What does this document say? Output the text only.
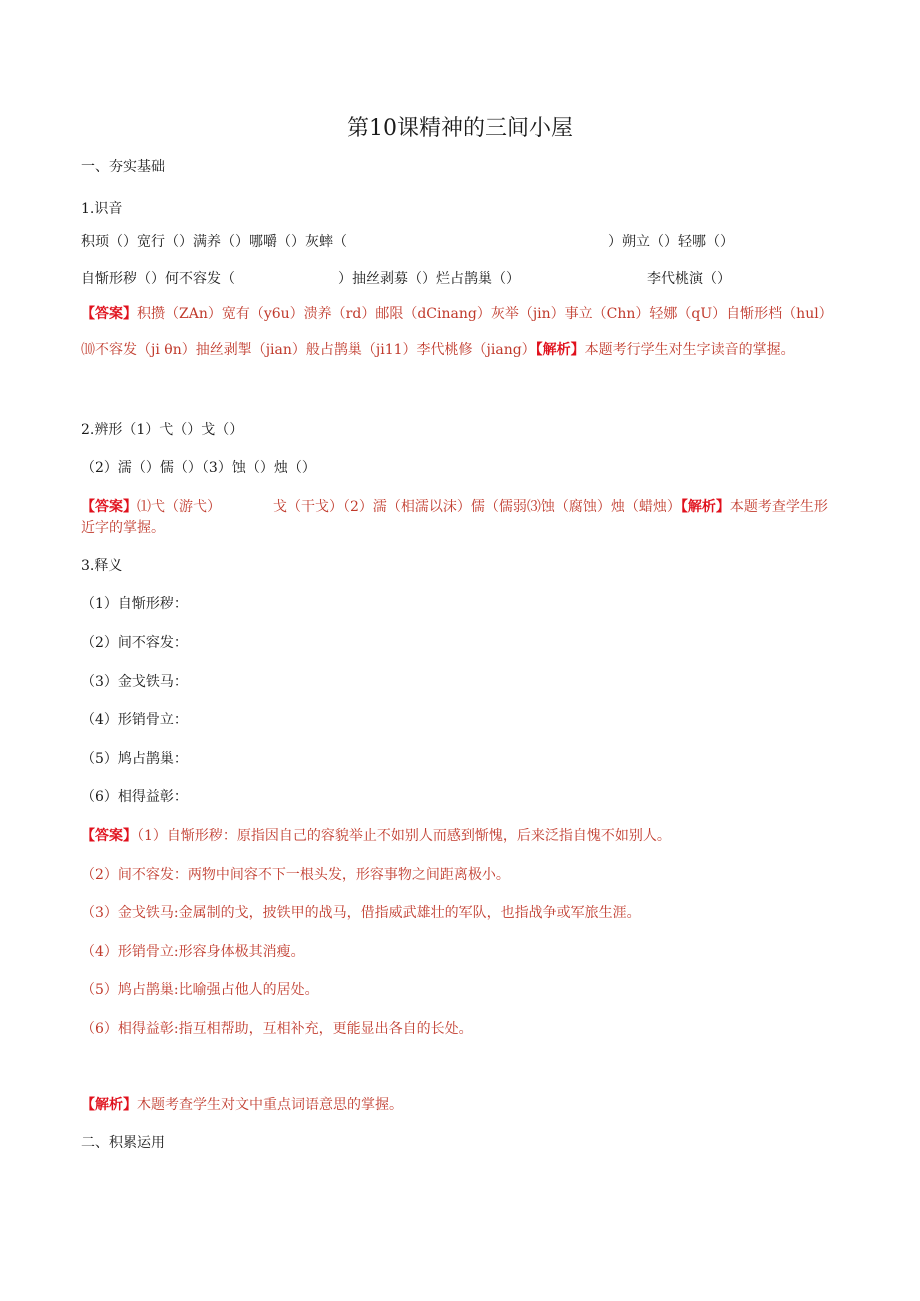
第10课精神的三间小屋
一、夯实基础
1.识音
积顼（）宽行（）满养（）哪嚼（）灰蟀（	）朔立（）轻哪（）
自惭形秽（）何不容发（	）抽丝剥募（）烂占鹊巢（）	李代桃演（）
【答案】积攒（ZAn）宽有（y6u）溃养（rd）邮限（dCinang）灰举（jin）事立（Chn）轻娜（qU）自惭形档（hul）⑽不容发（ji θn）抽丝剥掣（jian）般占鹊巢（ji11）李代桃修（jiang）【解析】本题考行学生对生字读音的掌握。
2.辨形（1）弋（）戈（）
（2）濡（）儒（）（3）蚀（）烛（）
【答案】⑴弋（游弋）	戈（干戈）（2）濡（相濡以沫）儒（儒弱⑶蚀（腐蚀）烛（蜡烛）【解析】本题考查学生形近字的掌握。
3.释义
（1）自惭形秽：
（2）间不容发：
（3）金戈铁马：
（4）形销骨立：
（5）鸠占鹊巢：
（6）相得益彰：
【答案】（1）自惭形秽：原指因自己的容貌举止不如别人而感到惭愧，后来泛指自愧不如别人。
（2）间不容发：两物中间容不下一根头发，形容事物之间距离极小。
（3）金戈铁马:金属制的戈，披铁甲的战马，借指威武雄壮的军队，也指战争或军旅生涯。
（4）形销骨立:形容身体极其消瘦。
（5）鸠占鹊巢:比喻强占他人的居处。
（6）相得益彰:指互相帮助，互相补充，更能显出各自的长处。
【解析】木题考查学生对文中重点词语意思的掌握。
二、积累运用
